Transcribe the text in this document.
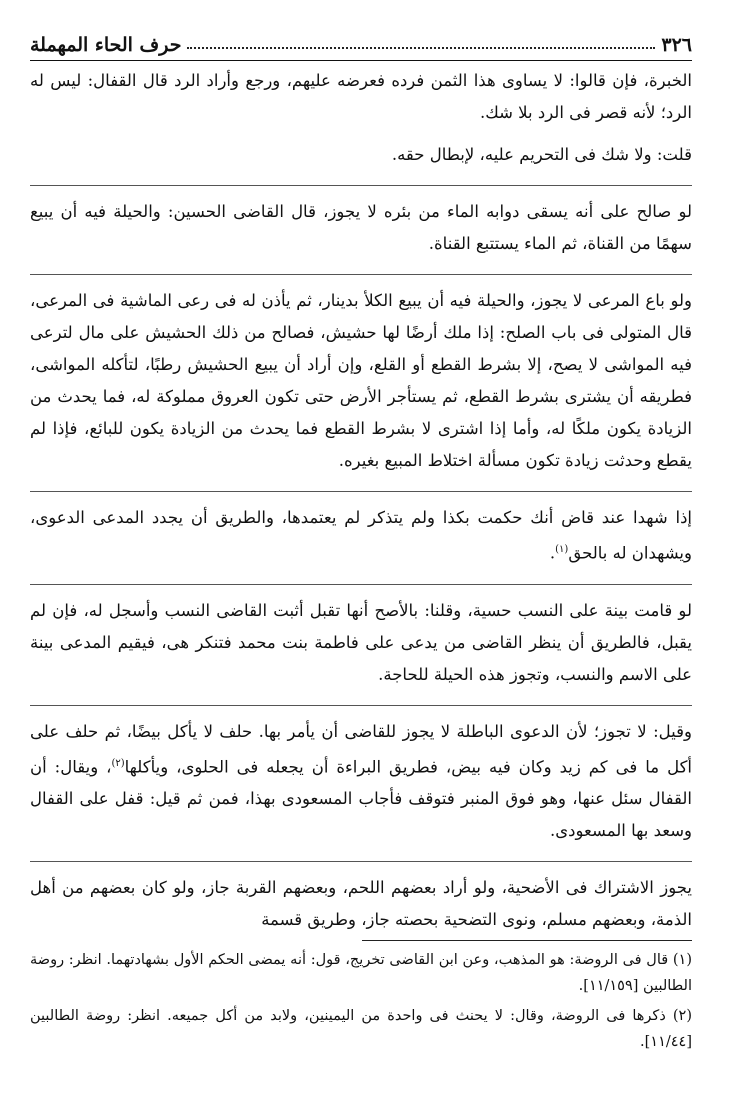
٣٢٦
حرف الحاء المهملة

الخبرة، فإن قالوا: لا يساوى هذا الثمن فرده فعرضه عليهم، ورجع وأراد الرد قال القفال: ليس له الرد؛ لأنه قصر فى الرد بلا شك.

قلت: ولا شك فى التحريم عليه، لإبطال حقه.

لو صالح على أنه يسقى دوابه الماء من بئره لا يجوز، قال القاضى الحسين: والحيلة فيه أن يبيع سهمًا من القناة، ثم الماء يستتبع القناة.

ولو باع المرعى لا يجوز، والحيلة فيه أن يبيع الكلأ بدينار، ثم يأذن له فى رعى الماشية فى المرعى، قال المتولى فى باب الصلح: إذا ملك أرضًا لها حشيش، فصالح من ذلك الحشيش على مال لترعى فيه المواشى لا يصح، إلا بشرط القطع أو القلع، وإن أراد أن يبيع الحشيش رطبًا، لتأكله المواشى، فطريقه أن يشترى بشرط القطع، ثم يستأجر الأرض حتى تكون العروق مملوكة له، فما يحدث من الزيادة يكون ملكًا له، وأما إذا اشترى لا بشرط القطع فما يحدث من الزيادة يكون للبائع، فإذا لم يقطع وحدثت زيادة تكون مسألة اختلاط المبيع بغيره.

إذا شهدا عند قاض أنك حكمت بكذا ولم يتذكر لم يعتمدها، والطريق أن يجدد المدعى الدعوى، ويشهدان له بالحق$^{(١)}$.

لو قامت بينة على النسب حسية، وقلنا: بالأصح أنها تقبل أثبت القاضى النسب وأسجل له، فإن لم يقبل، فالطريق أن ينظر القاضى من يدعى على فاطمة بنت محمد فتنكر هى، فيقيم المدعى بينة على الاسم والنسب، وتجوز هذه الحيلة للحاجة.

وقيل: لا تجوز؛ لأن الدعوى الباطلة لا يجوز للقاضى أن يأمر بها. حلف لا يأكل بيضًا، ثم حلف على أكل ما فى كم زيد وكان فيه بيض، فطريق البراءة أن يجعله فى الحلوى، ويأكلها$^{(٢)}$، ويقال: أن القفال سئل عنها، وهو فوق المنبر فتوقف فأجاب المسعودى بهذا، فمن ثم قيل: قفل على القفال وسعد بها المسعودى.

يجوز الاشتراك فى الأضحية، ولو أراد بعضهم اللحم، وبعضهم القربة جاز، ولو كان بعضهم من أهل الذمة، وبعضهم مسلم، ونوى التضحية بحصته جاز، وطريق قسمة

(١) قال فى الروضة: هو المذهب، وعن ابن القاضى تخريج، قول: أنه يمضى الحكم الأول بشهادتهما. انظر: روضة الطالبين [١١/١٥٩].

(٢) ذكرها فى الروضة، وقال: لا يحنث فى واحدة من اليمينين، ولابد من أكل جميعه. انظر: روضة الطالبين [١١/٤٤].
